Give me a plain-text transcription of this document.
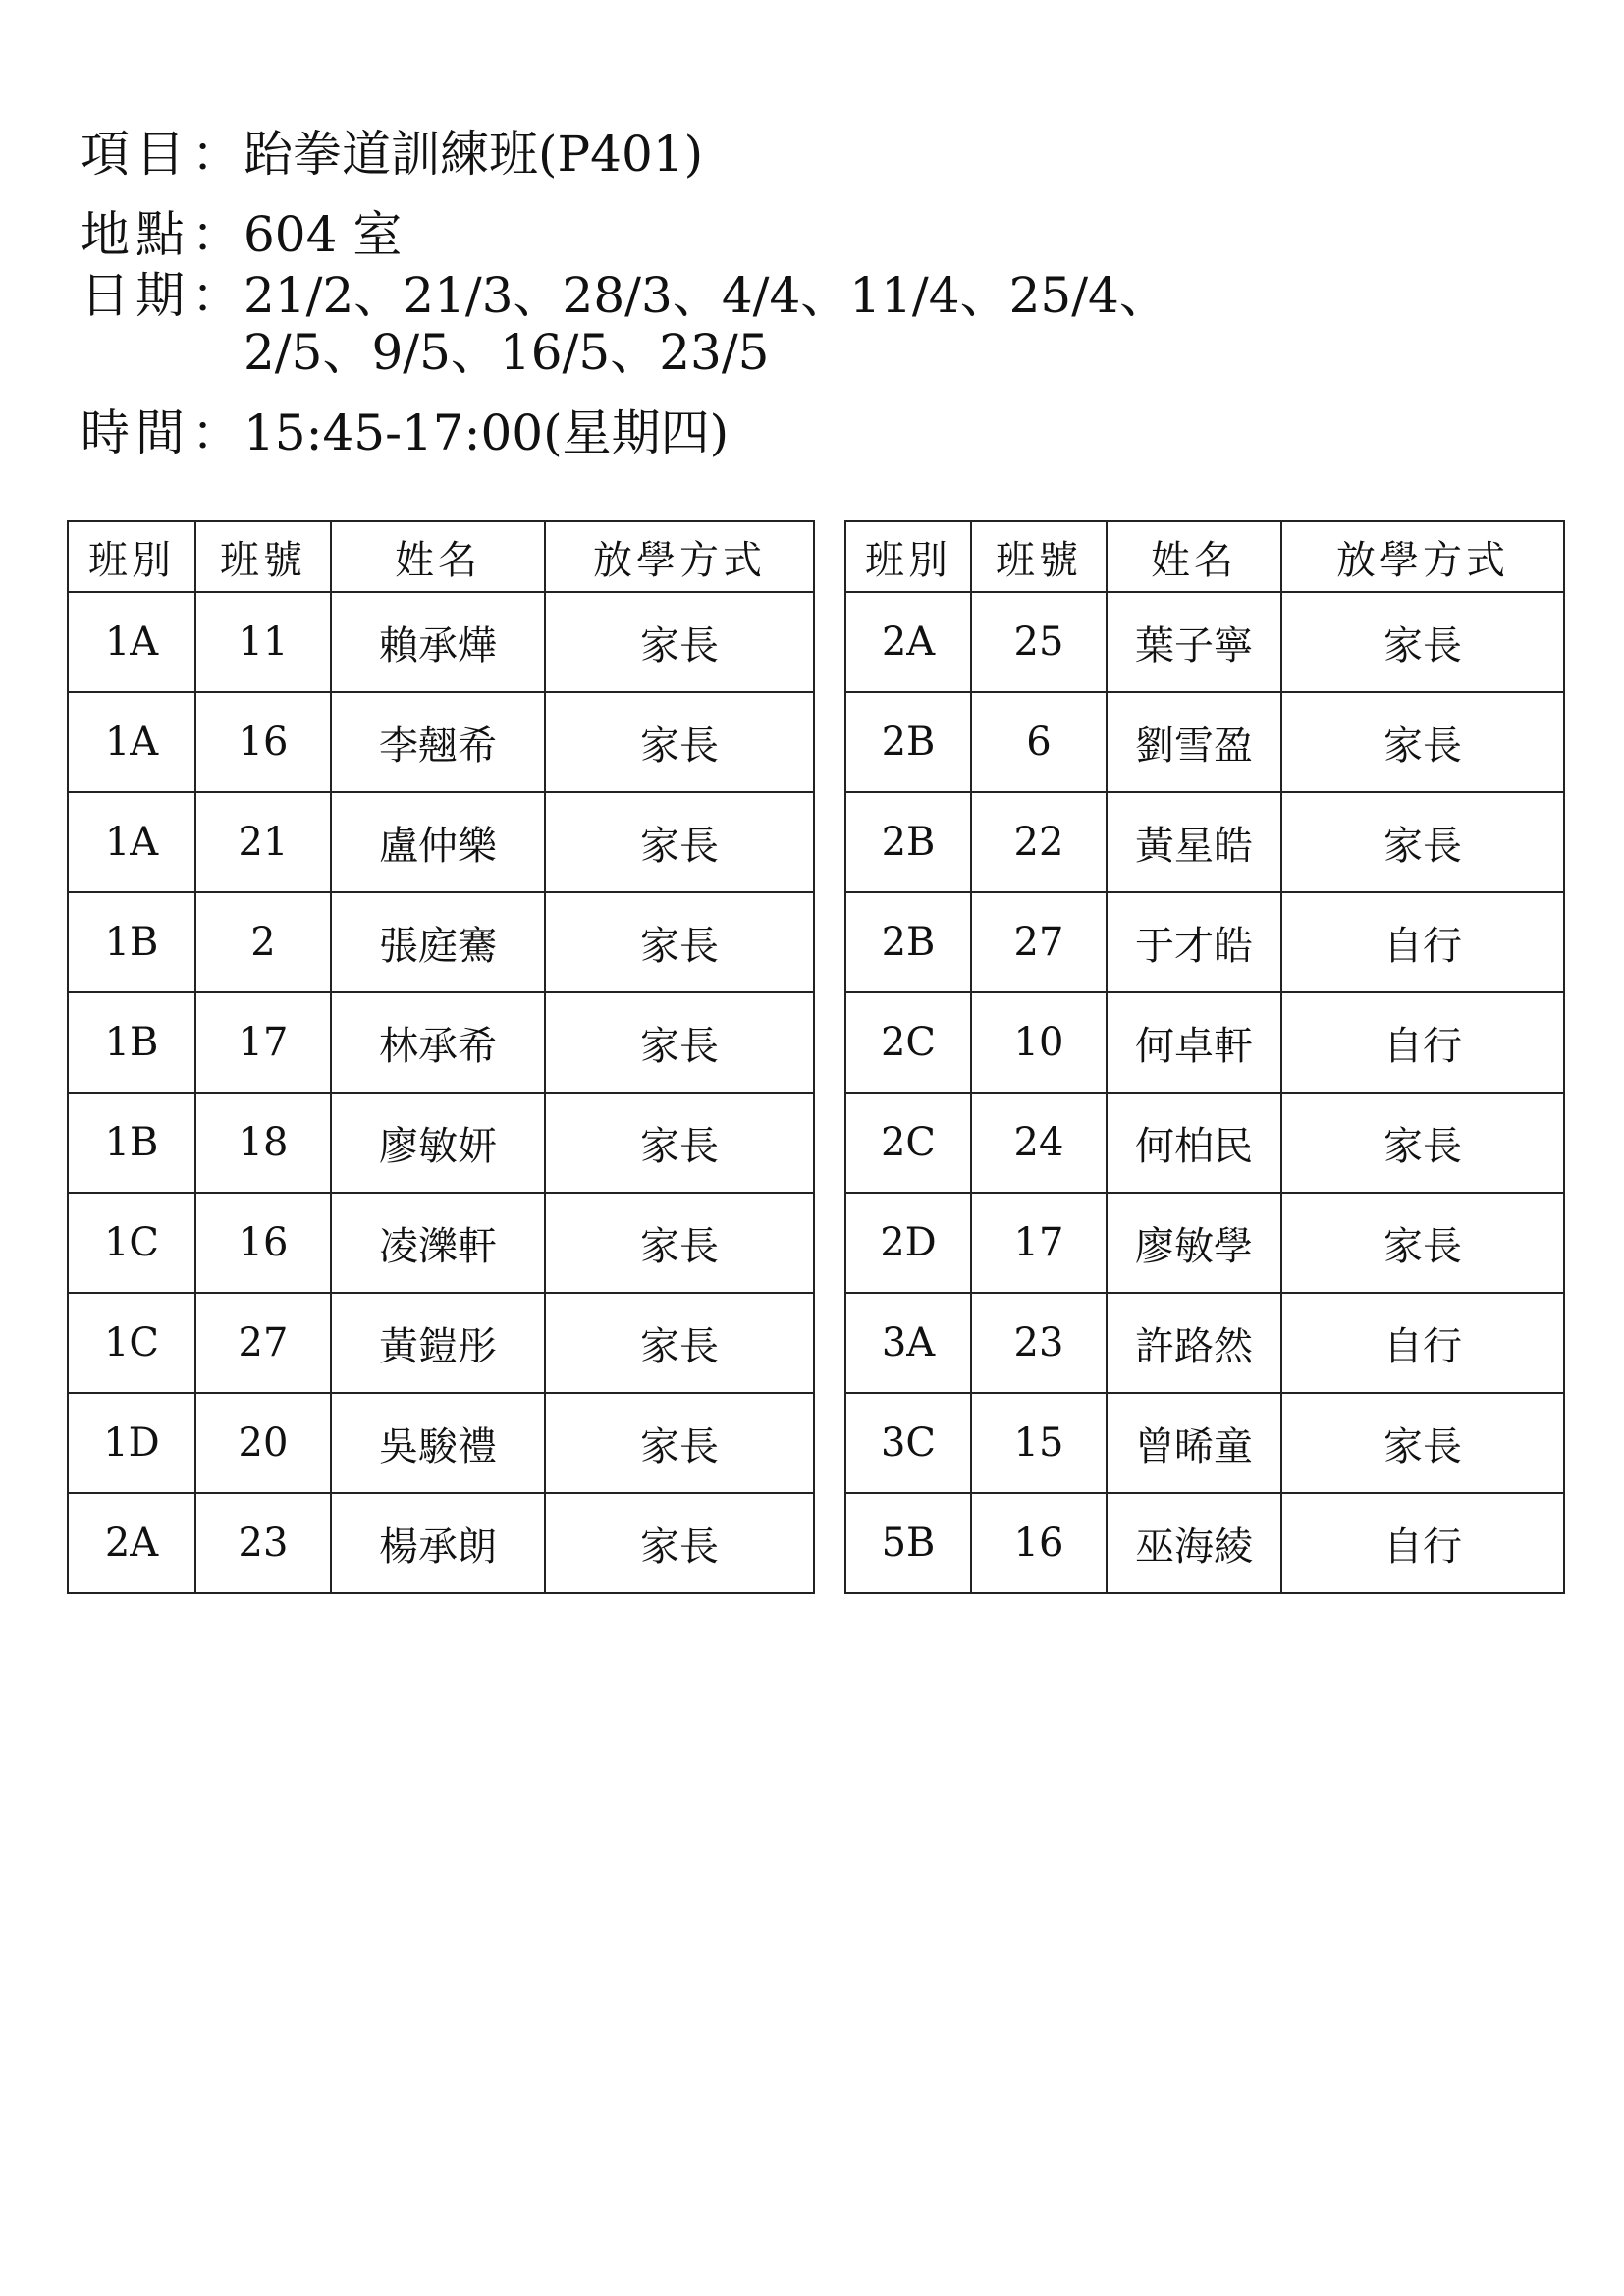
項目 ： 跆拳道訓練班(P401)
地點 ： 604 室
日期 ： 21/2、21/3、28/3、4/4、11/4、25/4、
2/5、9/5、16/5、23/5
時間 ： 15:45-17:00(星期四)
班別	班號	姓名	放學方式
1A	11	賴承燁	家長
1A	16	李翹希	家長
1A	21	盧仲樂	家長
1B	2	張庭騫	家長
1B	17	林承希	家長
1B	18	廖敏妍	家長
1C	16	凌濼軒	家長
1C	27	黃鎧彤	家長
1D	20	吳駿禮	家長
2A	23	楊承朗	家長
班別	班號	姓名	放學方式
2A	25	葉子寧	家長
2B	6	劉雪盈	家長
2B	22	黃星皓	家長
2B	27	于才皓	自行
2C	10	何卓軒	自行
2C	24	何柏民	家長
2D	17	廖敏學	家長
3A	23	許路然	自行
3C	15	曾晞童	家長
5B	16	巫海綾	自行
